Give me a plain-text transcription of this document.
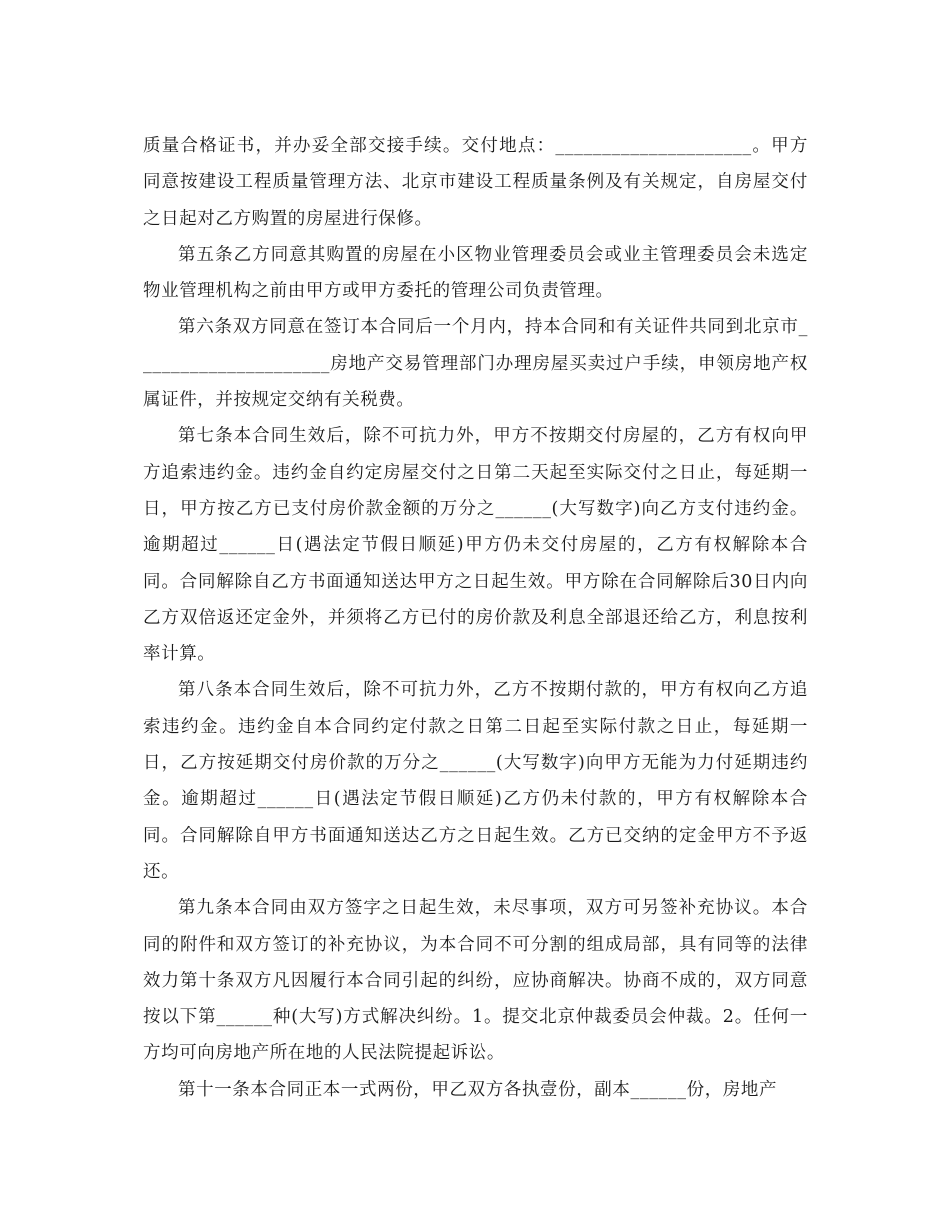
质量合格证书，并办妥全部交接手续。交付地点：_____________________。甲方同意按建设工程质量管理方法、北京市建设工程质量条例及有关规定，自房屋交付之日起对乙方购置的房屋进行保修。

第五条乙方同意其购置的房屋在小区物业管理委员会或业主管理委员会未选定物业管理机构之前由甲方或甲方委托的管理公司负责管理。

第六条双方同意在签订本合同后一个月内，持本合同和有关证件共同到北京市_____________________房地产交易管理部门办理房屋买卖过户手续，申领房地产权属证件，并按规定交纳有关税费。

第七条本合同生效后，除不可抗力外，甲方不按期交付房屋的，乙方有权向甲方追索违约金。违约金自约定房屋交付之日第二天起至实际交付之日止，每延期一日，甲方按乙方已支付房价款金额的万分之______(大写数字)向乙方支付违约金。逾期超过______日(遇法定节假日顺延)甲方仍未交付房屋的，乙方有权解除本合同。合同解除自乙方书面通知送达甲方之日起生效。甲方除在合同解除后30日内向乙方双倍返还定金外，并须将乙方已付的房价款及利息全部退还给乙方，利息按利率计算。

第八条本合同生效后，除不可抗力外，乙方不按期付款的，甲方有权向乙方追索违约金。违约金自本合同约定付款之日第二日起至实际付款之日止，每延期一日，乙方按延期交付房价款的万分之______(大写数字)向甲方无能为力付延期违约金。逾期超过______日(遇法定节假日顺延)乙方仍未付款的，甲方有权解除本合同。合同解除自甲方书面通知送达乙方之日起生效。乙方已交纳的定金甲方不予返还。

第九条本合同由双方签字之日起生效，未尽事项，双方可另签补充协议。本合同的附件和双方签订的补充协议，为本合同不可分割的组成局部，具有同等的法律效力第十条双方凡因履行本合同引起的纠纷，应协商解决。协商不成的，双方同意按以下第______种(大写)方式解决纠纷。1。提交北京仲裁委员会仲裁。2。任何一方均可向房地产所在地的人民法院提起诉讼。

第十一条本合同正本一式两份，甲乙双方各执壹份，副本______份，房地产
